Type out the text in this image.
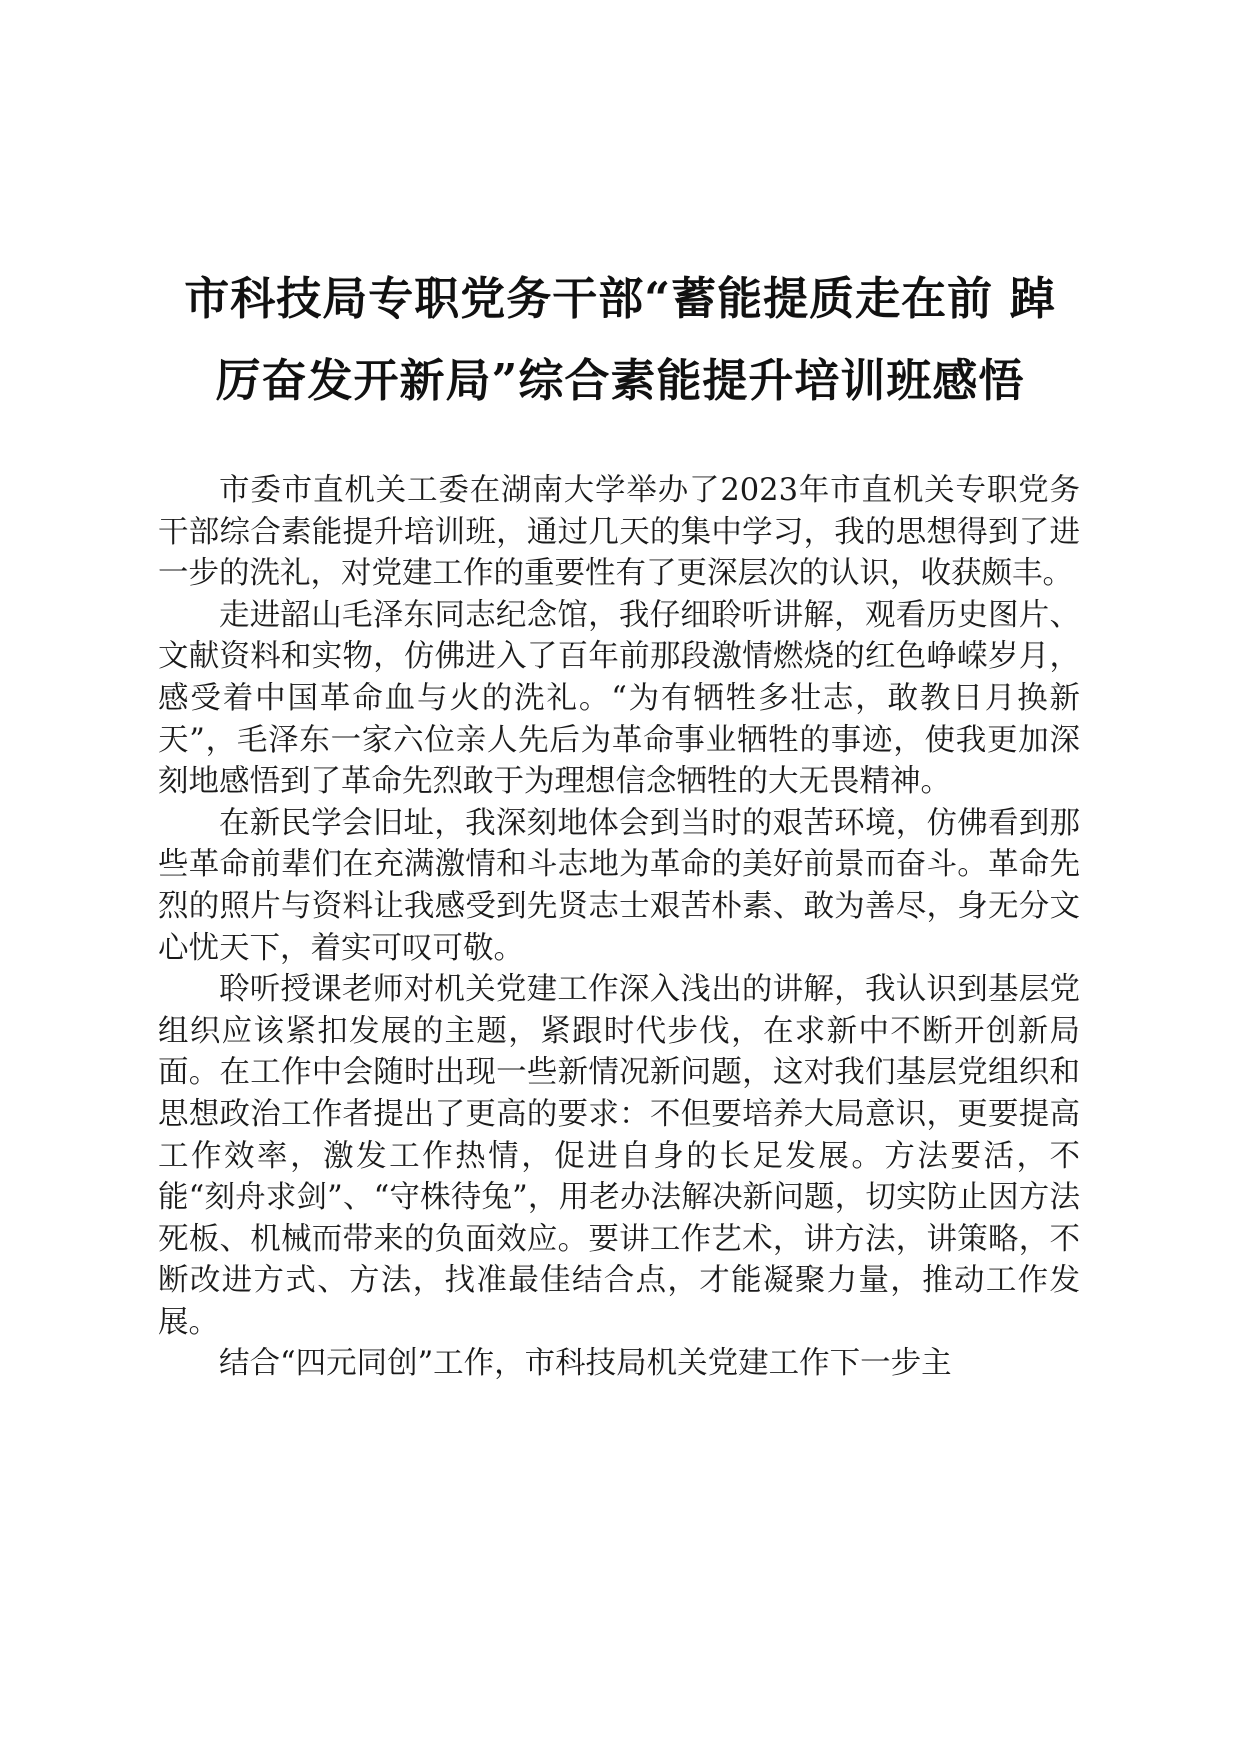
市科技局专职党务干部“蓄能提质走在前 踔
厉奋发开新局”综合素能提升培训班感悟

市委市直机关工委在湖南大学举办了2023年市直机关专职党务干部综合素能提升培训班，通过几天的集中学习，我的思想得到了进一步的洗礼，对党建工作的重要性有了更深层次的认识，收获颇丰。

走进韶山毛泽东同志纪念馆，我仔细聆听讲解，观看历史图片、文献资料和实物，仿佛进入了百年前那段激情燃烧的红色峥嵘岁月，感受着中国革命血与火的洗礼。“为有牺牲多壮志，敢教日月换新天”，毛泽东一家六位亲人先后为革命事业牺牲的事迹，使我更加深刻地感悟到了革命先烈敢于为理想信念牺牲的大无畏精神。

在新民学会旧址，我深刻地体会到当时的艰苦环境，仿佛看到那些革命前辈们在充满激情和斗志地为革命的美好前景而奋斗。革命先烈的照片与资料让我感受到先贤志士艰苦朴素、敢为善尽，身无分文心忧天下，着实可叹可敬。

聆听授课老师对机关党建工作深入浅出的讲解，我认识到基层党组织应该紧扣发展的主题，紧跟时代步伐，在求新中不断开创新局面。在工作中会随时出现一些新情况新问题，这对我们基层党组织和思想政治工作者提出了更高的要求：不但要培养大局意识，更要提高工作效率，激发工作热情，促进自身的长足发展。方法要活，不能“刻舟求剑”、“守株待兔”，用老办法解决新问题，切实防止因方法死板、机械而带来的负面效应。要讲工作艺术，讲方法，讲策略，不断改进方式、方法，找准最佳结合点，才能凝聚力量，推动工作发展。

结合“四元同创”工作，市科技局机关党建工作下一步主
